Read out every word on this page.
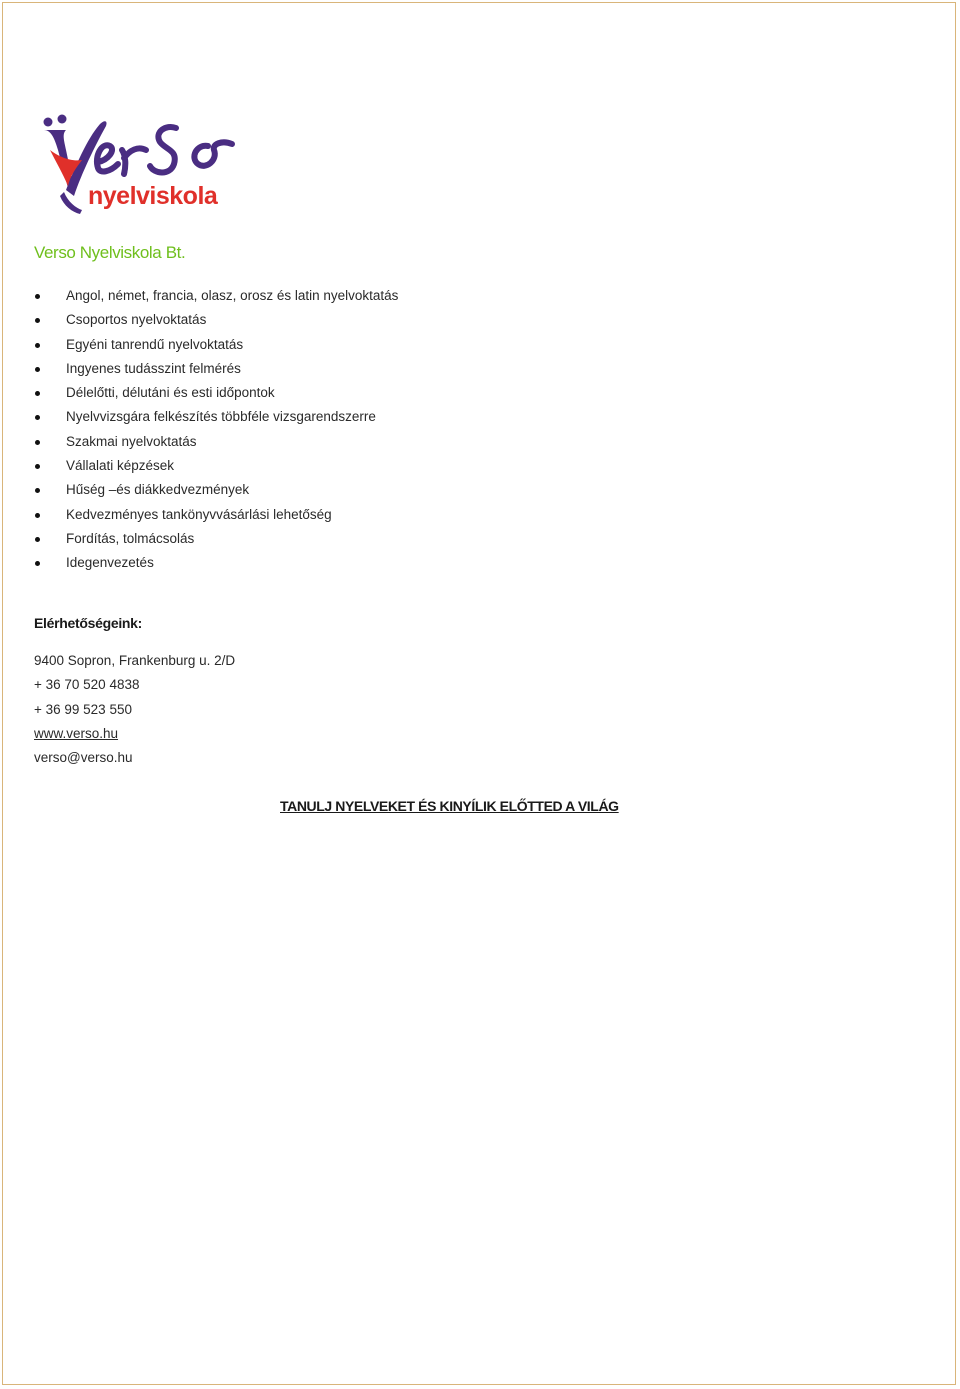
nyelviskola
Verso Nyelviskola Bt.
Angol, német, francia, olasz, orosz és latin nyelvoktatás
Csoportos nyelvoktatás
Egyéni tanrendű nyelvoktatás
Ingyenes tudásszint felmérés
Délelőtti, délutáni és esti időpontok
Nyelvvizsgára felkészítés többféle vizsgarendszerre
Szakmai nyelvoktatás
Vállalati képzések
Hűség –és diákkedvezmények
Kedvezményes tankönyvvásárlási lehetőség
Fordítás, tolmácsolás
Idegenvezetés
Elérhetőségeink:
9400 Sopron, Frankenburg u. 2/D
+ 36 70 520 4838
+ 36 99 523 550
www.verso.hu
verso@verso.hu

TANULJ NYELVEKET ÉS KINYÍLIK ELŐTTED A VILÁG
